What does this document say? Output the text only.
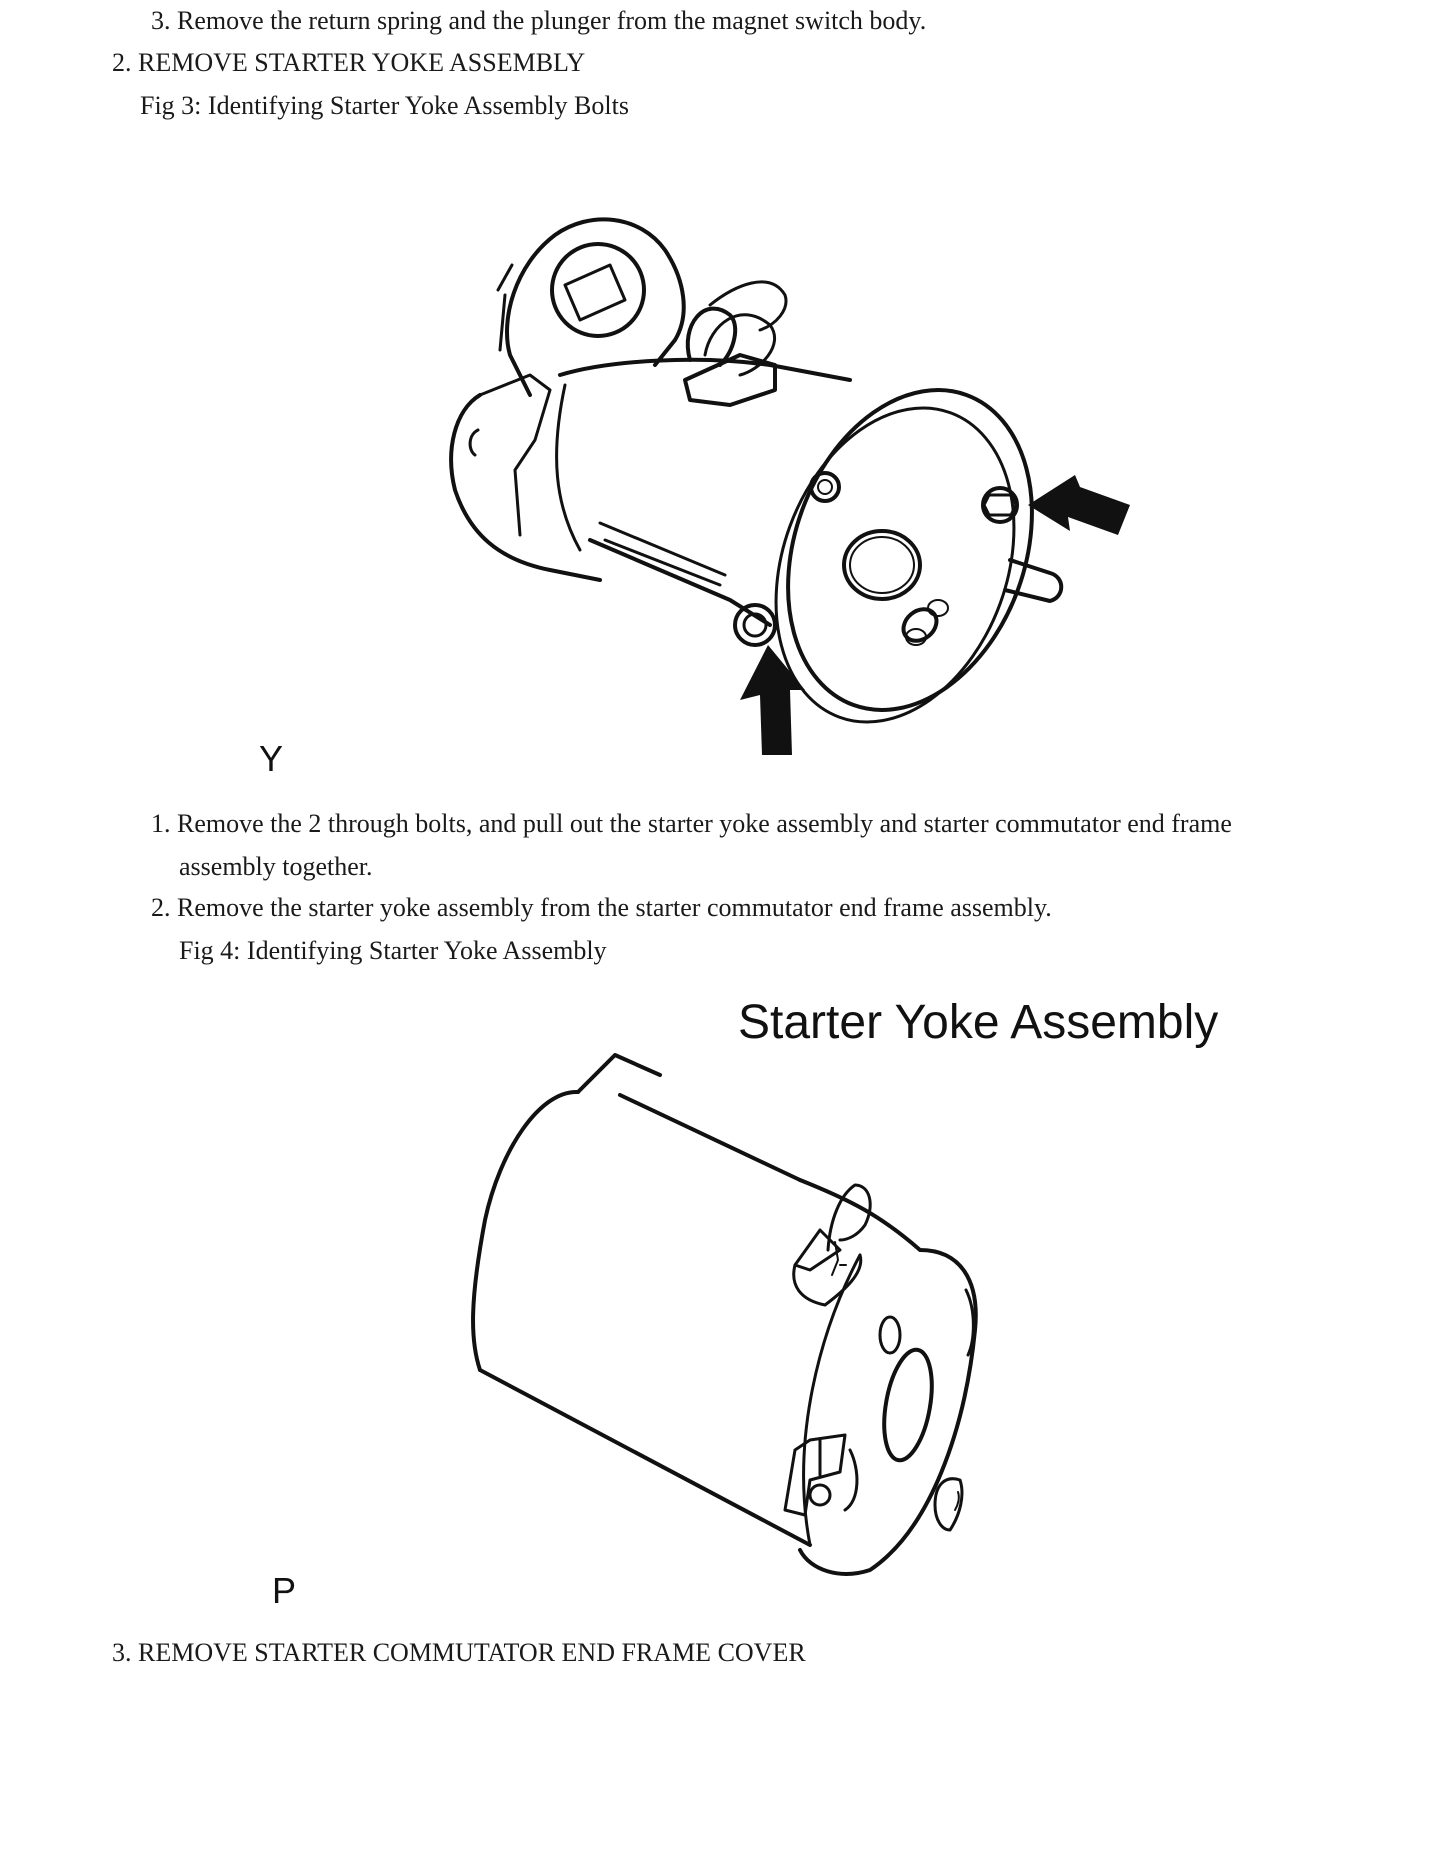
3. Remove the return spring and the plunger from the magnet switch body.
2. REMOVE STARTER YOKE ASSEMBLY
Fig 3: Identifying Starter Yoke Assembly Bolts
Y
1. Remove the 2 through bolts, and pull out the starter yoke assembly and starter commutator end frame
assembly together.
2. Remove the starter yoke assembly from the starter commutator end frame assembly.
Fig 4: Identifying Starter Yoke Assembly
Starter Yoke Assembly
P
3. REMOVE STARTER COMMUTATOR END FRAME COVER
